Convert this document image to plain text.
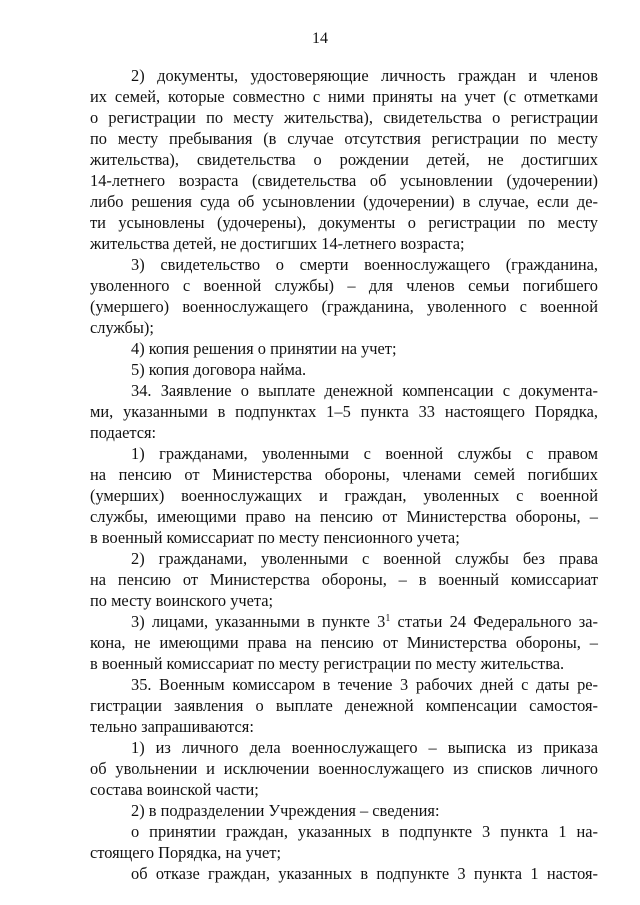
14
2) документы, удостоверяющие личность граждан и членов
их семей, которые совместно с ними приняты на учет (с отметками
о регистрации по месту жительства), свидетельства о регистрации
по месту пребывания (в случае отсутствия регистрации по месту
жительства), свидетельства о рождении детей, не достигших
14-летнего возраста (свидетельства об усыновлении (удочерении)
либо решения суда об усыновлении (удочерении) в случае, если де-
ти усыновлены (удочерены), документы о регистрации по месту
жительства детей, не достигших 14-летнего возраста;
3) свидетельство о смерти военнослужащего (гражданина,
уволенного с военной службы) – для членов семьи погибшего
(умершего) военнослужащего (гражданина, уволенного с военной
службы);
4) копия решения о принятии на учет;
5) копия договора найма.
34. Заявление о выплате денежной компенсации с документа-
ми, указанными в подпунктах 1–5 пункта 33 настоящего Порядка,
подается:
1) гражданами, уволенными с военной службы с правом
на пенсию от Министерства обороны, членами семей погибших
(умерших) военнослужащих и граждан, уволенных с военной
службы, имеющими право на пенсию от Министерства обороны, –
в военный комиссариат по месту пенсионного учета;
2) гражданами, уволенными с военной службы без права
на пенсию от Министерства обороны, – в военный комиссариат
по месту воинского учета;
3) лицами, указанными в пункте $3^1$ статьи 24 Федерального за-
кона, не имеющими права на пенсию от Министерства обороны, –
в военный комиссариат по месту регистрации по месту жительства.
35. Военным комиссаром в течение 3 рабочих дней с даты ре-
гистрации заявления о выплате денежной компенсации самостоя-
тельно запрашиваются:
1) из личного дела военнослужащего – выписка из приказа
об увольнении и исключении военнослужащего из списков личного
состава воинской части;
2) в подразделении Учреждения – сведения:
о принятии граждан, указанных в подпункте 3 пункта 1 на-
стоящего Порядка, на учет;
об отказе граждан, указанных в подпункте 3 пункта 1 настоя-
